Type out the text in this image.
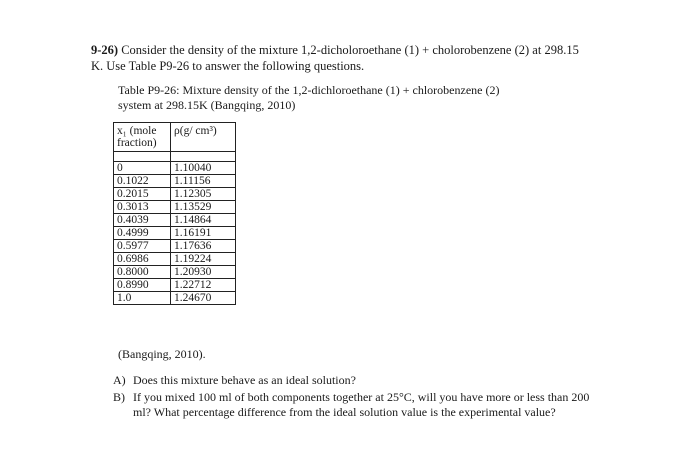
9-26) Consider the density of the mixture 1,2-dicholoroethane (1) + cholorobenzene (2) at 298.15 K. Use Table P9-26 to answer the following questions.
Table P9-26: Mixture density of the 1,2-dichloroethane (1) + chlorobenzene (2)
system at 298.15K (Bangqing, 2010)
x₁ (mole fraction)	ρ(g/ cm³)

0	1.10040
0.1022	1.11156
0.2015	1.12305
0.3013	1.13529
0.4039	1.14864
0.4999	1.16191
0.5977	1.17636
0.6986	1.19224
0.8000	1.20930
0.8990	1.22712
1.0	1.24670
(Bangqing, 2010).
A) Does this mixture behave as an ideal solution?
B) If you mixed 100 ml of both components together at 25°C, will you have more or less than 200 ml? What percentage difference from the ideal solution value is the experimental value?
